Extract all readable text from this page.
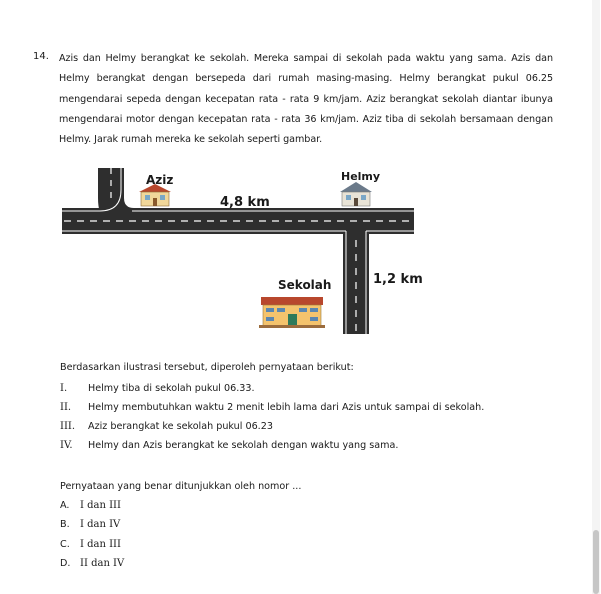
14. Azis dan Helmy berangkat ke sekolah. Mereka sampai di sekolah pada waktu yang sama. Azis dan
Helmy berangkat dengan bersepeda dari rumah masing-masing. Helmy berangkat pukul 06.25
mengendarai sepeda dengan kecepatan rata - rata 9 km/jam. Aziz berangkat sekolah diantar ibunya
mengendarai motor dengan kecepatan rata - rata 36 km/jam. Aziz tiba di sekolah bersamaan dengan
Helmy. Jarak rumah mereka ke sekolah seperti gambar.
Aziz	Helmy
4,8 km
1,2 km
Sekolah
Berdasarkan ilustrasi tersebut, diperoleh pernyataan berikut:
I.	Helmy tiba di sekolah pukul 06.33.
II.	Helmy membutuhkan waktu 2 menit lebih lama dari Azis untuk sampai di sekolah.
III.	Aziz berangkat ke sekolah pukul 06.23
IV.	Helmy dan Azis berangkat ke sekolah dengan waktu yang sama.
Pernyataan yang benar ditunjukkan oleh nomor ...
A. I dan III
B. I dan IV
C. I dan III
D. II dan IV
